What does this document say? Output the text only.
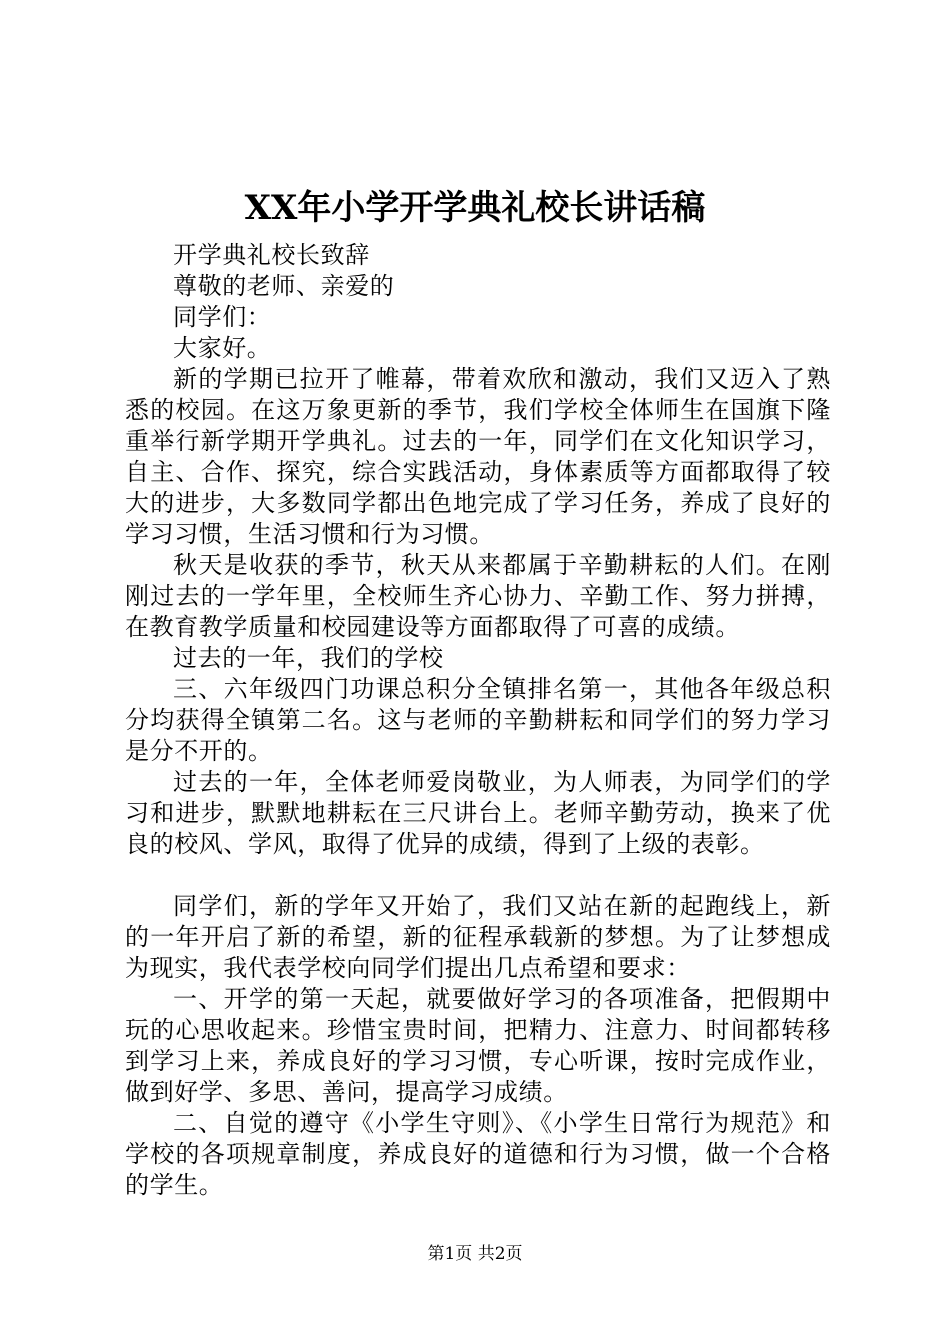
XX年小学开学典礼校长讲话稿

开学典礼校长致辞

尊敬的老师、亲爱的

同学们：

大家好。

新的学期已拉开了帷幕，带着欢欣和激动，我们又迈入了熟悉的校园。在这万象更新的季节，我们学校全体师生在国旗下隆重举行新学期开学典礼。过去的一年，同学们在文化知识学习，自主、合作、探究，综合实践活动，身体素质等方面都取得了较大的进步，大多数同学都出色地完成了学习任务，养成了良好的学习习惯，生活习惯和行为习惯。

秋天是收获的季节，秋天从来都属于辛勤耕耘的人们。在刚刚过去的一学年里，全校师生齐心协力、辛勤工作、努力拼搏，在教育教学质量和校园建设等方面都取得了可喜的成绩。

过去的一年，我们的学校

三、六年级四门功课总积分全镇排名第一，其他各年级总积分均获得全镇第二名。这与老师的辛勤耕耘和同学们的努力学习是分不开的。

过去的一年，全体老师爱岗敬业，为人师表，为同学们的学习和进步，默默地耕耘在三尺讲台上。老师辛勤劳动，换来了优良的校风、学风，取得了优异的成绩，得到了上级的表彰。

同学们，新的学年又开始了，我们又站在新的起跑线上，新的一年开启了新的希望，新的征程承载新的梦想。为了让梦想成为现实，我代表学校向同学们提出几点希望和要求：

一、开学的第一天起，就要做好学习的各项准备，把假期中玩的心思收起来。珍惜宝贵时间，把精力、注意力、时间都转移到学习上来，养成良好的学习习惯，专心听课，按时完成作业，做到好学、多思、善问，提高学习成绩。

二、自觉的遵守《小学生守则》、《小学生日常行为规范》和学校的各项规章制度，养成良好的道德和行为习惯，做一个合格的学生。

第1页 共2页
